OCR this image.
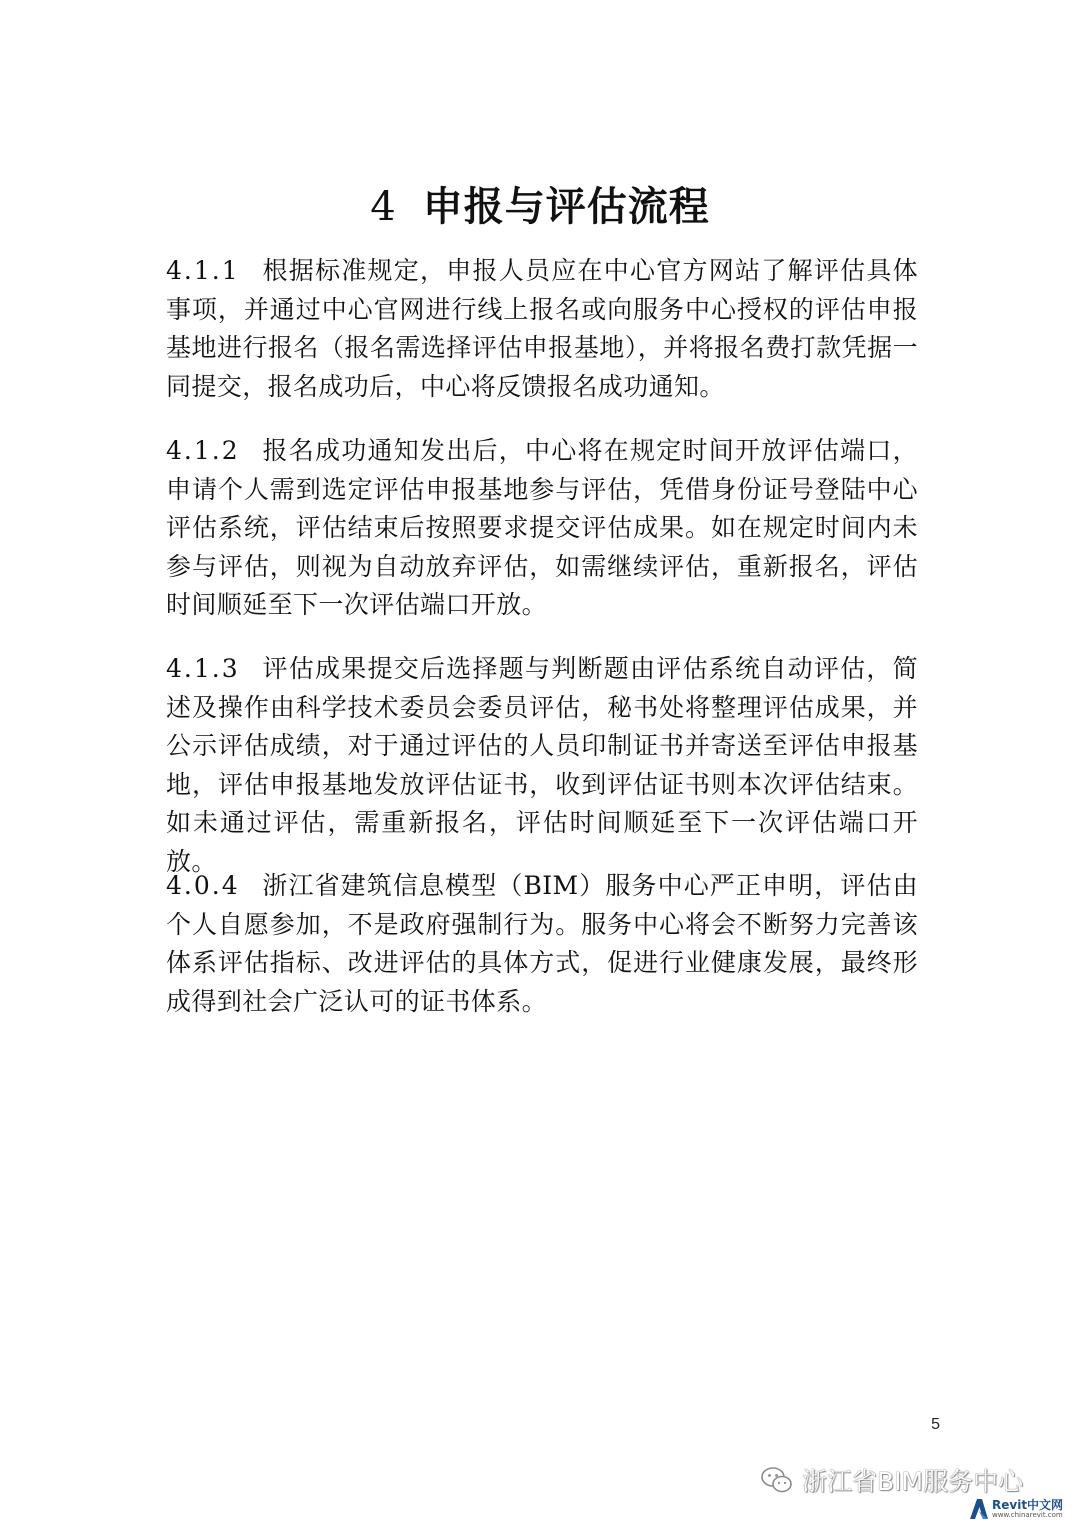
4 申报与评估流程
4.1.1 根据标准规定，申报人员应在中心官方网站了解评估具体事项，并通过中心官网进行线上报名或向服务中心授权的评估申报基地进行报名（报名需选择评估申报基地），并将报名费打款凭据一同提交，报名成功后，中心将反馈报名成功通知。
4.1.2 报名成功通知发出后，中心将在规定时间开放评估端口，申请个人需到选定评估申报基地参与评估，凭借身份证号登陆中心评估系统，评估结束后按照要求提交评估成果。如在规定时间内未参与评估，则视为自动放弃评估，如需继续评估，重新报名，评估时间顺延至下一次评估端口开放。
4.1.3 评估成果提交后选择题与判断题由评估系统自动评估，简述及操作由科学技术委员会委员评估，秘书处将整理评估成果，并公示评估成绩，对于通过评估的人员印制证书并寄送至评估申报基地，评估申报基地发放评估证书，收到评估证书则本次评估结束。如未通过评估，需重新报名，评估时间顺延至下一次评估端口开放。
4.0.4 浙江省建筑信息模型（BIM）服务中心严正申明，评估由个人自愿参加，不是政府强制行为。服务中心将会不断努力完善该体系评估指标、改进评估的具体方式，促进行业健康发展，最终形成得到社会广泛认可的证书体系。
5
浙江省BIM服务中心
Revit中文网
www.chinarevit.com
